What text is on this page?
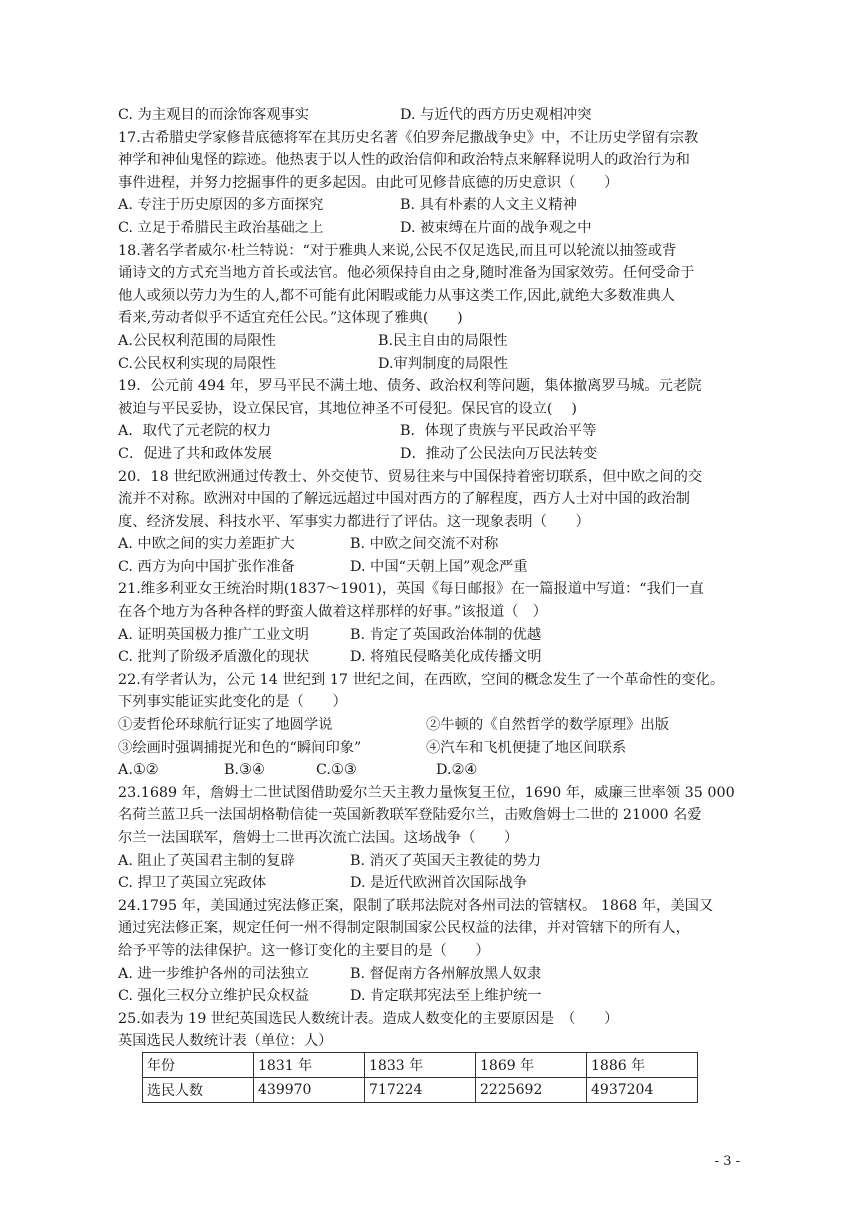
C. 为主观目的而涂饰客观事实	D. 与近代的西方历史观相冲突
17.古希腊史学家修昔底德将军在其历史名著《伯罗奔尼撒战争史》中，不让历史学留有宗教
神学和神仙鬼怪的踪迹。他热衷于以人性的政治信仰和政治特点来解释说明人的政治行为和
事件进程，并努力挖掘事件的更多起因。由此可见修昔底德的历史意识（　　）
A. 专注于历史原因的多方面探究	B. 具有朴素的人文主义精神
C. 立足于希腊民主政治基础之上	D. 被束缚在片面的战争观之中
18.著名学者威尔·杜兰特说：“对于雅典人来说,公民不仅足选民,而且可以轮流以抽签或背
诵诗文的方式充当地方首长或法官。他必须保持自由之身,随时准备为国家效劳。任何受命于
他人或须以劳力为生的人,都不可能有此闲暇或能力从事这类工作,因此,就绝大多数准典人
看来,劳动者似乎不适宜充任公民。”这体现了雅典(　　)
A.公民权利范围的局限性	B.民主自由的局限性
C.公民权利实现的局限性	D.审判制度的局限性
19．公元前 494 年，罗马平民不满土地、债务、政治权利等问题，集体撤离罗马城。元老院
被迫与平民妥协，设立保民官，其地位神圣不可侵犯。保民官的设立(　 )
A．取代了元老院的权力	B．体现了贵族与平民政治平等
C．促进了共和政体发展	D．推动了公民法向万民法转变
20．18 世纪欧洲通过传教士、外交使节、贸易往来与中国保持着密切联系，但中欧之间的交
流并不对称。欧洲对中国的了解远远超过中国对西方的了解程度，西方人士对中国的政治制
度、经济发展、科技水平、军事实力都进行了评估。这一现象表明（　　）
A. 中欧之间的实力差距扩大	B. 中欧之间交流不对称
C. 西方为向中国扩张作准备	D. 中国“天朝上国”观念严重
21.维多利亚女王统治时期(1837～1901)，英国《每日邮报》在一篇报道中写道：“我们一直
在各个地方为各种各样的野蛮人做着这样那样的好事。”该报道（　）
A. 证明英国极力推广工业文明	B. 肯定了英国政治体制的优越
C. 批判了阶级矛盾激化的现状	D. 将殖民侵略美化成传播文明
22.有学者认为，公元 14 世纪到 17 世纪之间，在西欧，空间的概念发生了一个革命性的变化。
下列事实能证实此变化的是（　　）
①麦哲伦环球航行证实了地圆学说	②牛顿的《自然哲学的数学原理》出版
③绘画时强调捕捉光和色的“瞬间印象”	④汽车和飞机便捷了地区间联系
A.①②	B.③④	C.①③	D.②④
23.1689 年，詹姆士二世试图借助爱尔兰天主教力量恢复王位，1690 年，威廉三世率领 35 000
名荷兰蓝卫兵一法国胡格勒信徒一英国新教联军登陆爱尔兰，击败詹姆士二世的 21000 名爱
尔兰一法国联军，詹姆士二世再次流亡法国。这场战争（　　）
A. 阻止了英国君主制的复辟	B. 消灭了英国天主教徒的势力
C. 捍卫了英国立宪政体	D. 是近代欧洲首次国际战争
24.1795 年，美国通过宪法修正案，限制了联邦法院对各州司法的管辖权。 1868 年，美国又
通过宪法修正案，规定任何一州不得制定限制国家公民权益的法律，并对管辖下的所有人，
给予平等的法律保护。这一修订变化的主要目的是（　　）
A. 进一步维护各州的司法独立	B. 督促南方各州解放黑人奴隶
C. 强化三权分立维护民众权益	D. 肯定联邦宪法至上维护统一
25.如表为 19 世纪英国选民人数统计表。造成人数变化的主要原因是　（　　）
英国选民人数统计表（单位：人）
年份	1831 年	1833 年	1869 年	1886 年
选民人数	439970	717224	2225692	4937204
- 3 -
